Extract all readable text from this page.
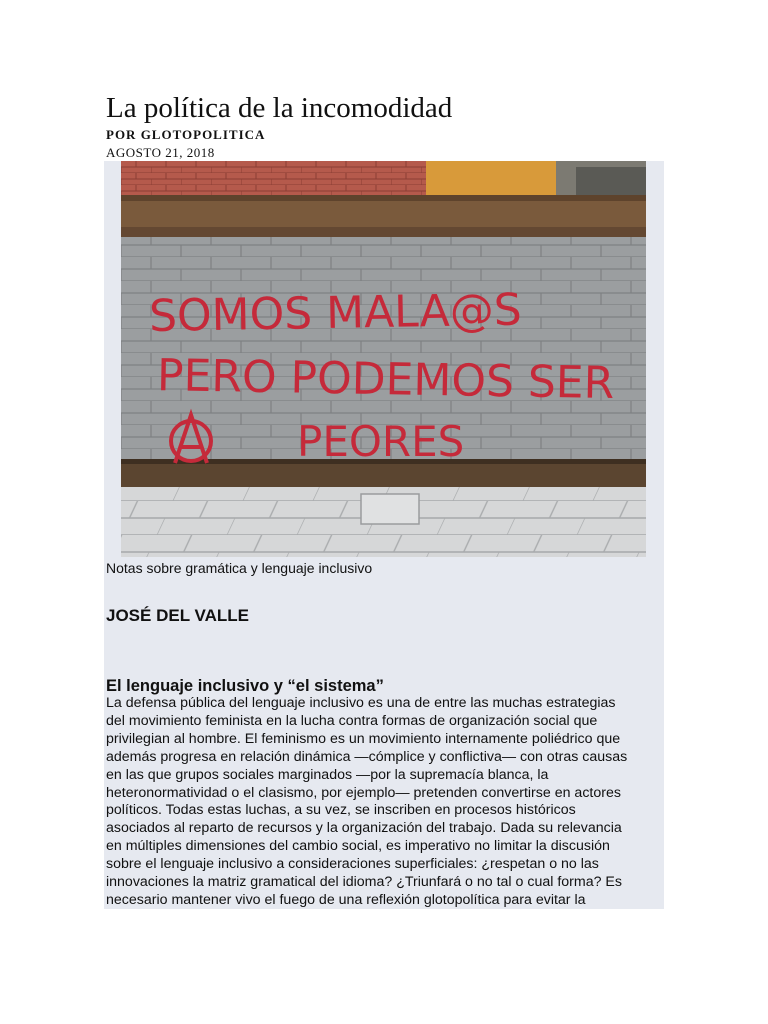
La política de la incomodidad
POR GLOTOPOLITICA
AGOSTO 21, 2018
SOMOS MALA@S
PERO PODEMOS SER
PEORES
Notas sobre gramática y lenguaje inclusivo
JOSÉ DEL VALLE
El lenguaje inclusivo y “el sistema”
La defensa pública del lenguaje inclusivo es una de entre las muchas estrategias
del movimiento feminista en la lucha contra formas de organización social que
privilegian al hombre. El feminismo es un movimiento internamente poliédrico que
además progresa en relación dinámica —cómplice y conflictiva— con otras causas
en las que grupos sociales marginados —por la supremacía blanca, la
heteronormatividad o el clasismo, por ejemplo— pretenden convertirse en actores
políticos. Todas estas luchas, a su vez, se inscriben en procesos históricos
asociados al reparto de recursos y la organización del trabajo. Dada su relevancia
en múltiples dimensiones del cambio social, es imperativo no limitar la discusión
sobre el lenguaje inclusivo a consideraciones superficiales: ¿respetan o no las
innovaciones la matriz gramatical del idioma? ¿Triunfará o no tal o cual forma? Es
necesario mantener vivo el fuego de una reflexión glotopolítica para evitar la
